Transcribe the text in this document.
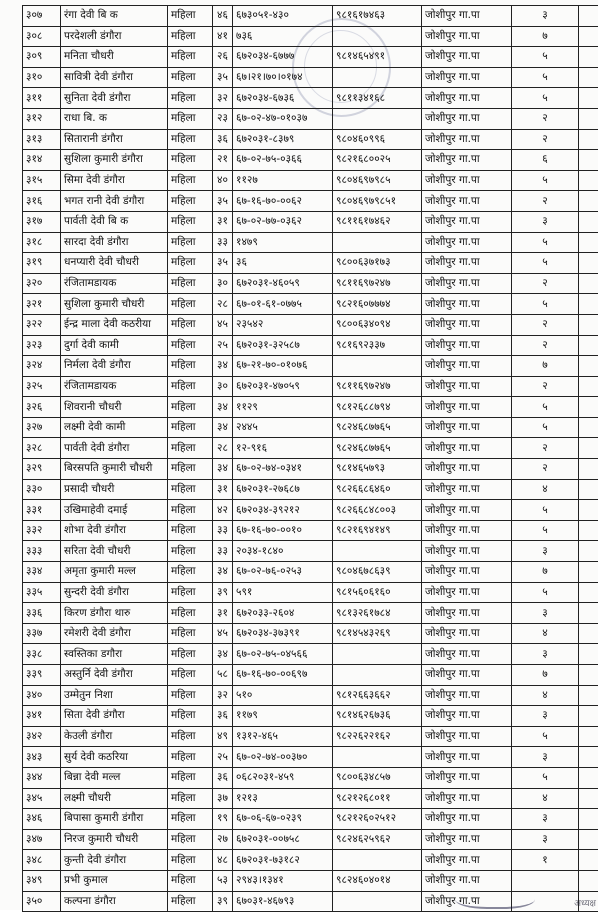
३०७	रंगा देवी बि क	महिला	४६	६७३०५१-४३०	९८१६१७४६३	जोशीपुर गा.पा	३	
३०८	परदेशली डंगौरा	महिला	४१	७३६		जोशीपुर गा.पा	७	
३०९	मनिता चौधरी	महिला	२६	६७२०३४-६७७७	९८१४६५४९१	जोशीपुर गा.पा	५	
३१०	सावित्री देवी डंगौरा	महिला	३५	६७।२१।७०।०१७४		जोशीपुर गा.पा	५	
३११	सुनिता देवी डंगौरा	महिला	३२	६७२०३४-६७३६	९८११३४१६८	जोशीपुर गा.पा	५	
३१२	राधा बि. क	महिला	२३	६७-०२-४७-०१०३७		जोशीपुर गा.पा	२	
३१३	सितारानी डंगौरा	महिला	३६	६७२०३१-८३७९	९८०४६०९९६	जोशीपुर गा.पा	२	
३१४	सुशिला कुमारी डंगौरा	महिला	२१	६७-०२-७५-०३६६	९८२१६८००२५	जोशीपुर गा.पा	६	
३१५	सिमा देवी डंगौरा	महिला	४०	११२७	९८०४६९७९८५	जोशीपुर गा.पा	५	
३१६	भगत रानी देवी डंगौरा	महिला	३५	६७-१६-७०-००६२	९८०४६९७९८५१	जोशीपुर गा.पा	२	
३१७	पार्वती देवी बि क	महिला	३१	६७-०२-७७-०३६२	९८११६१७४६२	जोशीपुर गा.पा	३	
३१८	सारदा देवी डंगौरा	महिला	३३	१४७९		जोशीपुर गा.पा	५	
३१९	धनप्यारी देवी चौधरी	महिला	३५	३६	९८००६३७१७३	जोशीपुर गा.पा	५	
३२०	रंजितामडायक	महिला	३०	६७२०३१-४६०५९	९८११६९७२४७	जोशीपुर गा.पा	२	
३२१	सुशिला कुमारी चौधरी	महिला	२८	६७-०१-६१-०७७५	९८२१६०७७७४	जोशीपुर गा.पा	५	
३२२	ईन्द्र माला देवी कठरीया	महिला	४५	२३५४२	९८००६३४०९४	जोशीपुर गा.पा	२	
३२३	दुर्गा देवी कामी	महिला	२५	६७२०३१-३२५८७	९८१६९२३३७	जोशीपुर गा.पा	२	
३२४	निर्मला देवी डंगौरा	महिला	३४	६७-२१-७०-०१०७६		जोशीपुर गा.पा	७	
३२५	रंजितामडायक	महिला	३०	६७२०३१-४७०५९	९८११६९७२४७	जोशीपुर गा.पा	२	
३२६	शिवरानी चौधरी	महिला	३४	११२९	९८१२६८८७९४	जोशीपुर गा.पा	५	
३२७	लक्ष्मी देवी कामी	महिला	३४	२४४५	९८२४६८७७६५	जोशीपुर गा.पा	५	
३२८	पार्वती देवी डंगौरा	महिला	२८	१२-९१६	९८२४६८७७६५	जोशीपुर गा.पा	२	
३२९	बिरसपति कुमारी चौधरी	महिला	३४	६७-०२-७४-०३४१	९८१४६५७९३	जोशीपुर गा.पा	२	
३३०	प्रसादी चौधरी	महिला	३१	६७२०३१-२७६८७	९८२६६८६४६०	जोशीपुर गा.पा	४	
३३१	उखिमाहेवी दमाई	महिला	४२	६७२०३४-३९२१२	९८२६६८४८००३	जोशीपुर गा.पा	५	
३३२	शोभा देवी डंगौरा	महिला	३३	६७-१६-७०-००१०	९८२१६९४१४९	जोशीपुर गा.पा	५	
३३३	सरिता देवी चौधरी	महिला	३३	२०३४-१८४०		जोशीपुर गा.पा	३	
३३४	अमृता कुमारी मल्ल	महिला	३४	६७-०२-७६-०२५३	९८०४६७८६३९	जोशीपुर गा.पा	७	
३३५	सुन्दरी देवी डंगौरा	महिला	३९	५९१	९८१५६०६१६०	जोशीपुर गा.पा	५	
३३६	किरण डंगौरा थारु	महिला	३१	६७२०३३-२६०४	९८१३२६१७८४	जोशीपुर गा.पा	३	
३३७	रमेशरी देवी डंगौरा	महिला	४५	६७२०३४-३७३९१	९८१४५४३२६९	जोशीपुर गा.पा	४	
३३८	स्वस्तिका डगौरा	महिला	३४	६७-०२-७५-०४५६६		जोशीपुर गा.पा	३	
३३९	अस्तुर्नि देवी डंगौरा	महिला	५८	६७-१६-७०-००६९७		जोशीपुर गा.पा	७	
३४०	उम्मेतुन निशा	महिला	३२	५१०	९८१२६६३६६२	जोशीपुर गा.पा	४	
३४१	सिता देवी डंगौरा	महिला	३६	११७९	९८१४६२६७३६	जोशीपुर गा.पा	३	
३४२	केउली डंगौरा	महिला	४९	१३१२-४६५	९८२२६२२१६२	जोशीपुर गा.पा	५	
३४३	सुर्य देवी कठरिया	महिला	२५	६७-०२-७४-००३७०		जोशीपुर गा.पा	३	
३४४	बिन्ना देवी मल्ल	महिला	३६	०६८२०३१-४५९	९८००६३४८५७	जोशीपुर गा.पा	५	
३४५	लक्ष्मी चौधरी	महिला	३७	१२१३	९८२१२६८०११	जोशीपुर गा.पा	४	
३४६	बिपासा कुमारी डंगौरा	महिला	१९	६७-०६-६७-०२३९	९८२१२६०२५१२	जोशीपुर गा.पा	३	
३४७	निरज कुमारी चौधरी	महिला	२७	६७२०३१-००७५८	९८२४६२५९६२	जोशीपुर गा.पा	३	
३४८	कुन्ती देवी डंगौरा	महिला	४८	६७२०३१-७३१८२		जोशीपुर गा.पा	१	
३४९	प्रभी कुमाल	महिला	५३	२९४३।१३४१	९८२४६०४०१४	जोशीपुर गा.पा		
३५०	कल्पना डंगौरा	महिला	३९	६७०३१-४६७९३		जोशीपुर गा.पा			अध्यक्ष
